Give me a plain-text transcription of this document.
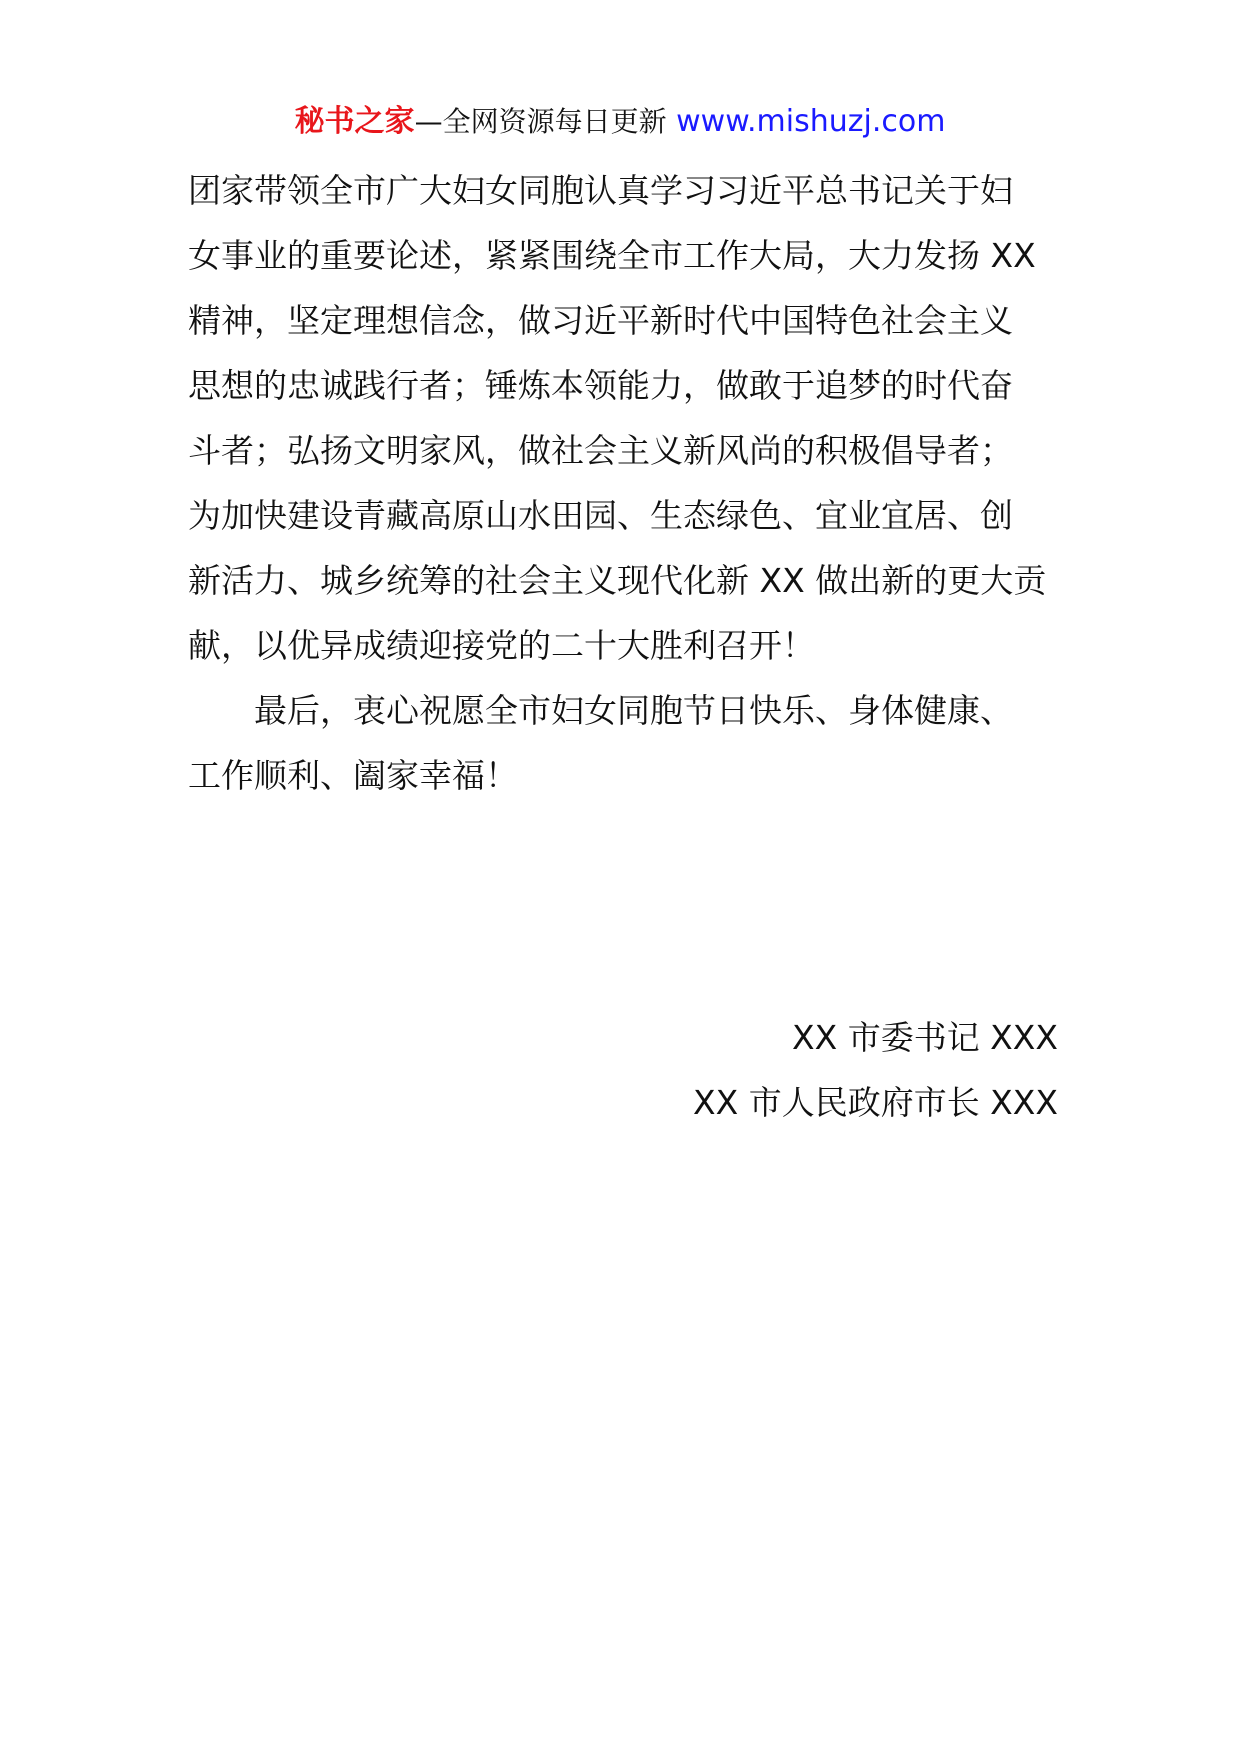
秘书之家—全网资源每日更新 www.mishuzj.com
团家带领全市广大妇女同胞认真学习习近平总书记关于妇
女事业的重要论述，紧紧围绕全市工作大局，大力发扬 XX
精神，坚定理想信念，做习近平新时代中国特色社会主义
思想的忠诚践行者；锤炼本领能力，做敢于追梦的时代奋
斗者；弘扬文明家风，做社会主义新风尚的积极倡导者；
为加快建设青藏高原山水田园、生态绿色、宜业宜居、创
新活力、城乡统筹的社会主义现代化新 XX 做出新的更大贡
献，以优异成绩迎接党的二十大胜利召开！
最后，衷心祝愿全市妇女同胞节日快乐、身体健康、
工作顺利、阖家幸福！
XX 市委书记 XXX
XX 市人民政府市长 XXX
